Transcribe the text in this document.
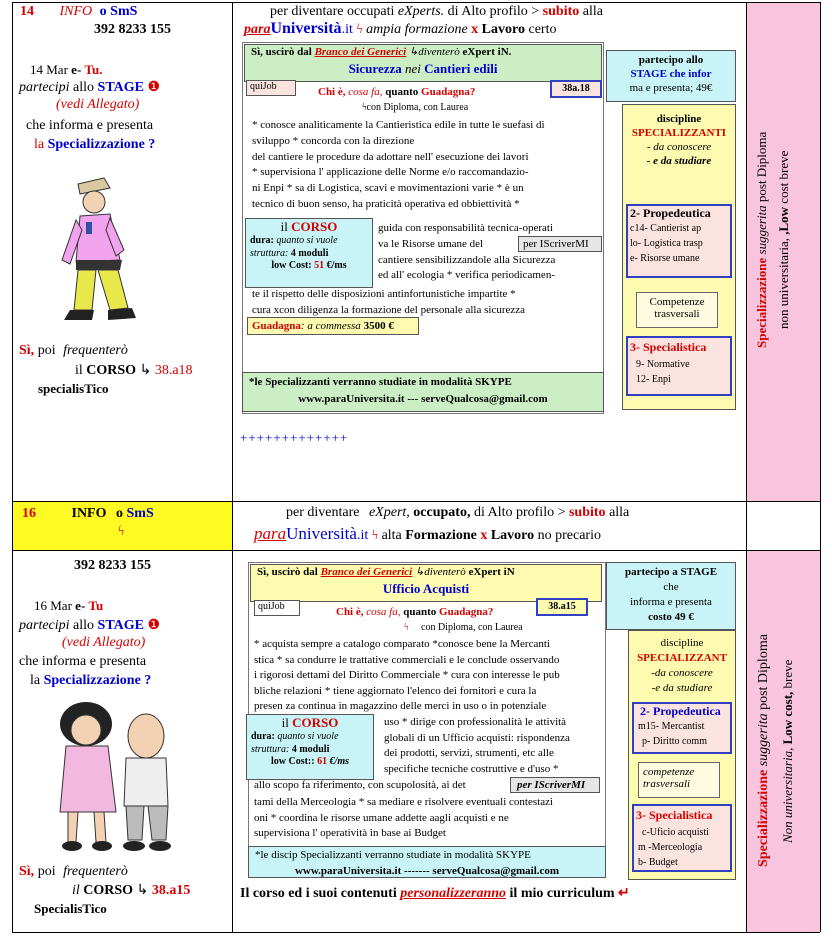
14 INFO o SmS
392 8233 155
14 Mar e- Tu.
partecipi allo STAGE ❶
(vedi Allegato)
che informa e presenta
la Specializzazione ?
Sì, poi frequenterò
il CORSO ↳ 38.a18
specialisTico
per diventare occupati eXperts. di Alto profilo > subito alla
paraUniversità.it ϟ ampia formazione x Lavoro certo

Sì, uscirò dal Branco dei Generici ↳diventerò eXpert iN.

Sicurezza nei Cantieri edili

quiJob	Chi è, cosa fa, quanto Guadagna?	38a.18
ϟcon Diploma, con Laurea
* conosce analiticamente la Cantieristica edile in tutte le suefasi di
sviluppo * concorda con la direzione
del cantiere le procedure da adottare nell' esecuzione dei lavori
* supervisiona l' applicazione delle Norme e/o raccomandazio-
ni Enpi * sa di Logistica, scavi e movimentazioni varie * è un
tecnico di buon senso, ha praticità operativa ed obbiettività *
guida con responsabilità tecnica-operati
va le Risorse umane del
cantiere sensibilizzandole alla Sicurezza
ed all' ecologia * verifica periodicamen-
per IScriverMI

il CORSO

dura: quanto si vuole

struttura: 4 moduli

low Cost: 51 €/ms

te il rispetto delle disposizioni antinfortunistiche impartite *
cura xcon diligenza la formazione del personale alla sicurezza
Guadagna: a commessa 3500 €

*le Specializzanti verranno studiate in modalità SKYPE

www.paraUniversita.it --- serveQualcosa@gmail.com

+++++++++++++
partecipo allo
STAGE che infor
ma e presenta; 49€
discipline
SPECIALIZZANTI
- da conoscere
- e da studiare

2- Propedeutica

c14- Cantierist ap

lo- Logistica trasp

e- Risorse umane

Competenze
trasversali

3- Specialistica

9- Normative

12- Enpi

Specializzazione suggerita post Diploma
non universitaria, ,Low cost breve
16	INFO o SmS
ϟ
per diventare eXpert, occupato, di Alto profilo > subito alla
paraUniversità.it ϟ alta Formazione x Lavoro no precario
392 8233 155
16 Mar e- Tu
partecipi allo STAGE ❶
(vedi Allegato)
che informa e presenta
la Specializzazione ?
Sì, poi frequenterò
il CORSO ↳ 38.a15
SpecialisTico

Sì, uscirò dal Branco dei Generici ↳diventerò eXpert iN

Ufficio Acquisti

quiJob	Chi è, cosa fa, quanto Guadagna?	38.a15
ϟ con Diploma, con Laurea
* acquista sempre a catalogo comparato *conosce bene la Mercanti
stica * sa condurre le trattative commerciali e le conclude osservando
i rigorosi dettami del Diritto Commerciale * cura con interesse le pub
bliche relazioni * tiene aggiornato l'elenco dei fornitori e cura la
presen za continua in magazzino delle merci in uso o in potenziale
uso * dirige con professionalità le attività
globali di un Ufficio acquisti: rispondenza
dei prodotti, servizi, strumenti, etc alle
specifiche tecniche costruttive e d'uso *

il CORSO

dura: quanto si vuole

struttura: 4 moduli

low Cost:: 61 €/ms

allo scopo fa riferimento, con scupolosità, ai det	per IScriverMI
tami della Merceologia * sa mediare e risolvere eventuali contestazi
oni * coordina le risorse umane addette aagli acquisti e ne
supervisiona l' operatività in base ai Budget

*le discip Specializzanti verranno studiate in modalità SKYPE

www.paraUniversita.it ------- serveQualcosa@gmail.com

Il corso ed i suoi contenuti personalizzeranno il mio curriculum ↵
partecipo a STAGE
che
informa e presenta
costo 49 €
discipline
SPECIALIZZANT
-da conoscere
-e da studiare

2- Propedeutica

m15- Mercantist

p- Diritto comm

competenze
trasversali

3- Specialistica

c-Uficio acquisti

m -Merceologia

b- Budget	Specializzazione suggerita post Diploma
Non universitaria, Low cost, breve
